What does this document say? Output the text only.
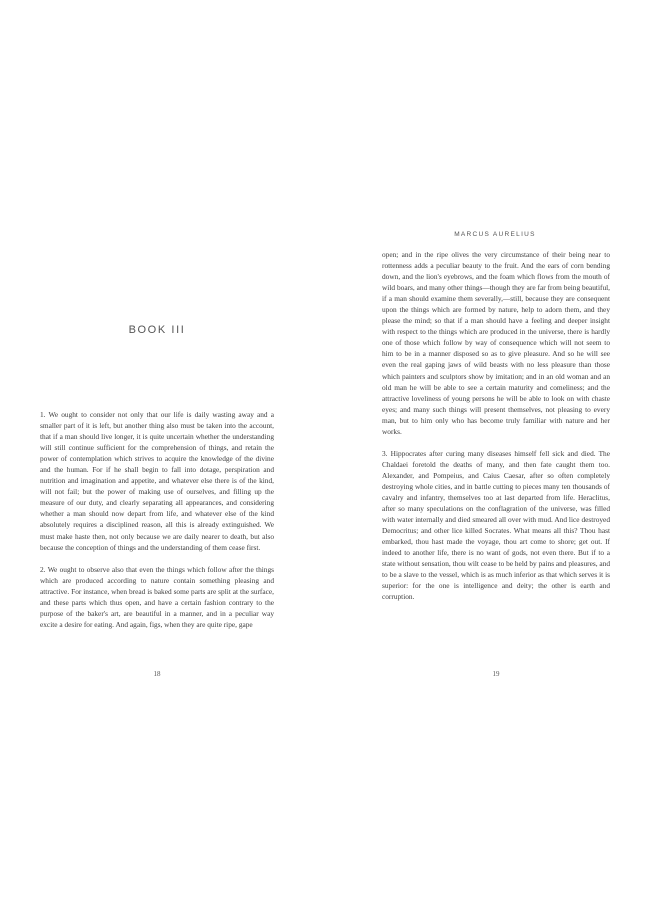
BOOK III

1. We ought to consider not only that our life is daily wasting away and a smaller part of it is left, but another thing also must be taken into the account, that if a man should live longer, it is quite uncertain whether the understanding will still continue sufficient for the comprehension of things, and retain the power of contemplation which strives to acquire the knowledge of the divine and the human. For if he shall begin to fall into dotage, perspiration and nutrition and imagination and appetite, and whatever else there is of the kind, will not fail; but the power of making use of ourselves, and filling up the measure of our duty, and clearly separating all appearances, and considering whether a man should now depart from life, and whatever else of the kind absolutely requires a disciplined reason, all this is already extinguished. We must make haste then, not only because we are daily nearer to death, but also because the conception of things and the understanding of them cease first.

2. We ought to observe also that even the things which follow after the things which are produced according to nature contain something pleasing and attractive. For instance, when bread is baked some parts are split at the surface, and these parts which thus open, and have a certain fashion contrary to the purpose of the baker's art, are beautiful in a manner, and in a peculiar way excite a desire for eating. And again, figs, when they are quite ripe, gape

18
MARCUS AURELIUS

open; and in the ripe olives the very circumstance of their being near to rottenness adds a peculiar beauty to the fruit. And the ears of corn bending down, and the lion's eyebrows, and the foam which flows from the mouth of wild boars, and many other things—though they are far from being beautiful, if a man should examine them severally,—still, because they are consequent upon the things which are formed by nature, help to adorn them, and they please the mind; so that if a man should have a feeling and deeper insight with respect to the things which are produced in the universe, there is hardly one of those which follow by way of consequence which will not seem to him to be in a manner disposed so as to give pleasure. And so he will see even the real gaping jaws of wild beasts with no less pleasure than those which painters and sculptors show by imitation; and in an old woman and an old man he will be able to see a certain maturity and comeliness; and the attractive loveliness of young persons he will be able to look on with chaste eyes; and many such things will present themselves, not pleasing to every man, but to him only who has become truly familiar with nature and her works.

3. Hippocrates after curing many diseases himself fell sick and died. The Chaldaei foretold the deaths of many, and then fate caught them too. Alexander, and Pompeius, and Caius Caesar, after so often completely destroying whole cities, and in battle cutting to pieces many ten thousands of cavalry and infantry, themselves too at last departed from life. Heraclitus, after so many speculations on the conflagration of the universe, was filled with water internally and died smeared all over with mud. And lice destroyed Democritus; and other lice killed Socrates. What means all this? Thou hast embarked, thou hast made the voyage, thou art come to shore; get out. If indeed to another life, there is no want of gods, not even there. But if to a state without sensation, thou wilt cease to be held by pains and pleasures, and to be a slave to the vessel, which is as much inferior as that which serves it is superior: for the one is intelligence and deity; the other is earth and corruption.

19
